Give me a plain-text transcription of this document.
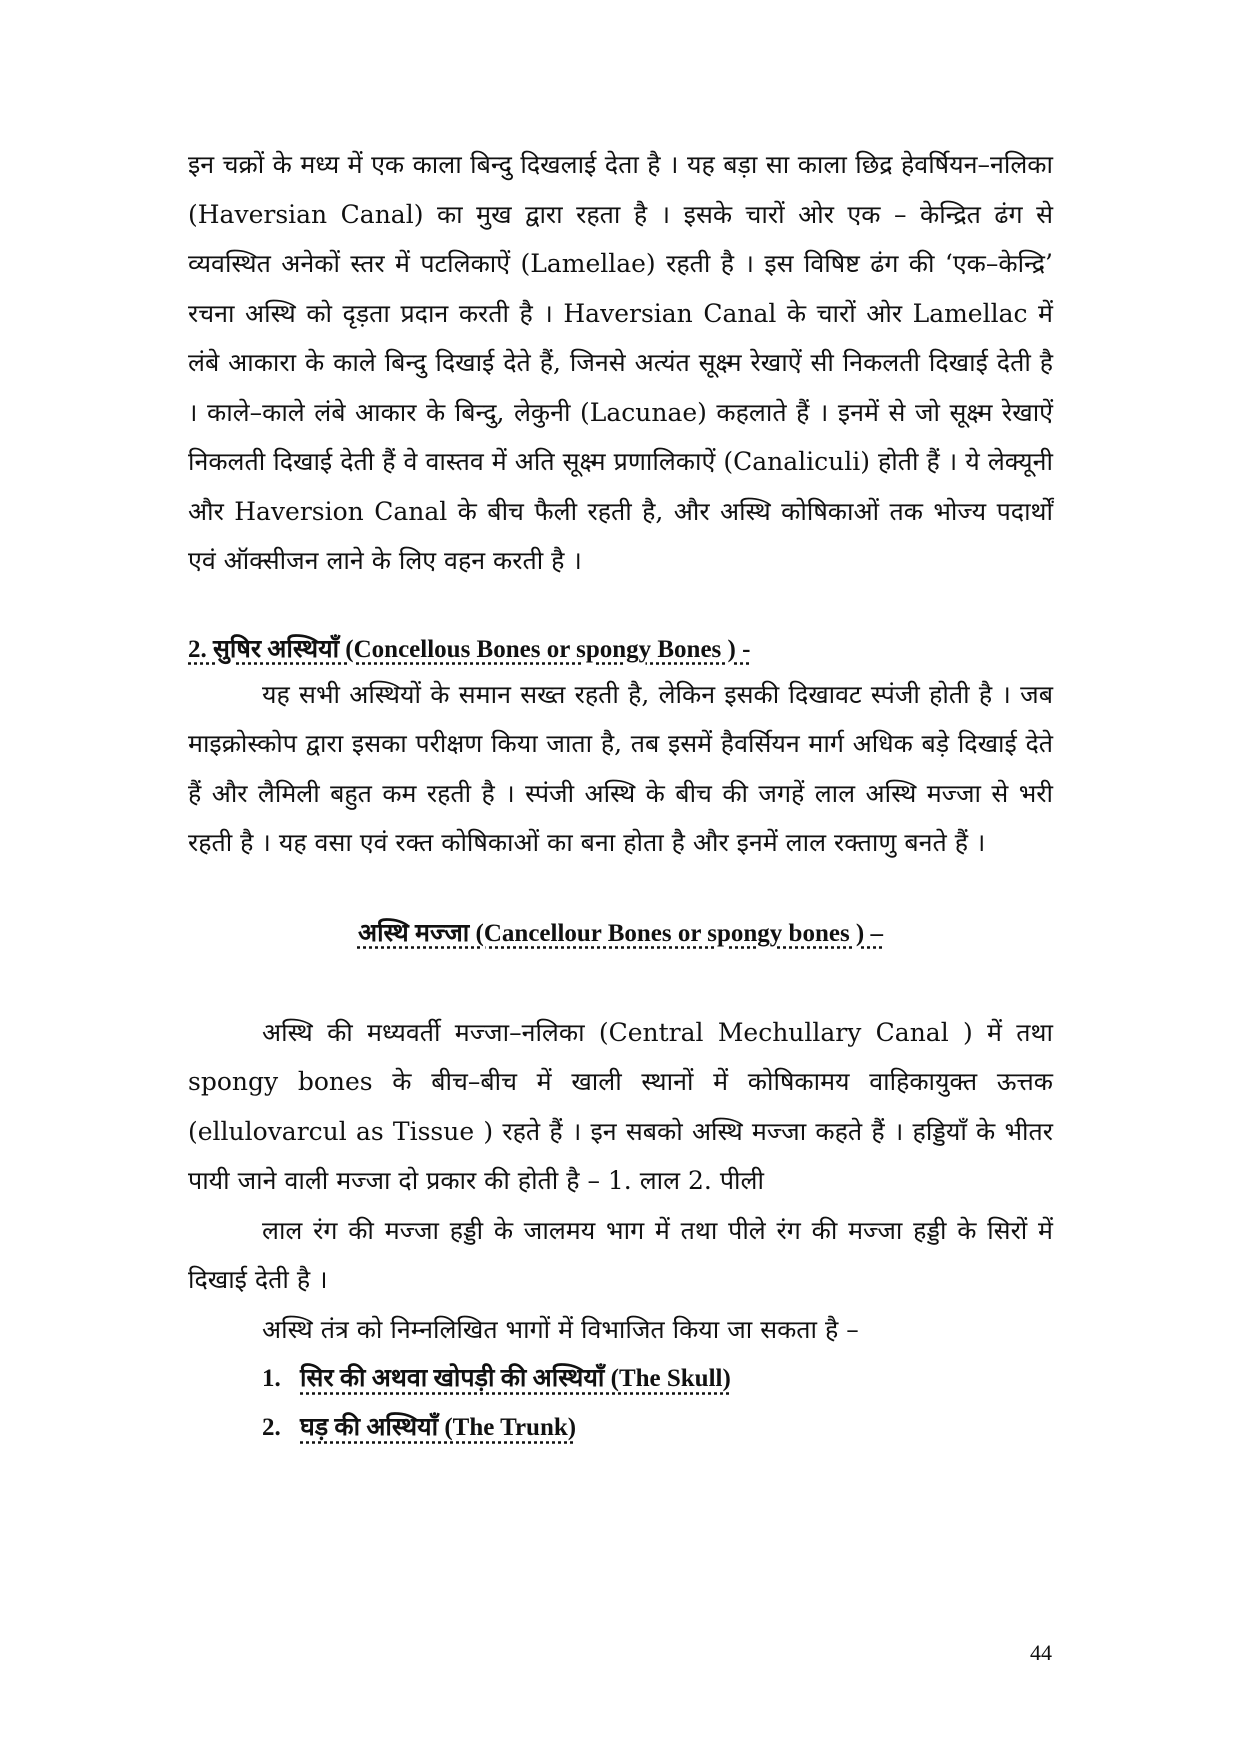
इन चक्रों के मध्य में एक काला बिन्दु दिखलाई देता है । यह बड़ा सा काला छिद्र हेवर्षियन–नलिका (Haversian Canal) का मुख द्वारा रहता है । इसके चारों ओर एक – केन्द्रित ढंग से व्यवस्थित अनेकों स्तर में पटलिकाऐं (Lamellae) रहती है । इस विषिष्ट ढंग की ‘एक–केन्द्रि’ रचना अस्थि को दृड़ता प्रदान करती है । Haversian Canal के चारों ओर Lamellac में लंबे आकारा के काले बिन्दु दिखाई देते हैं, जिनसे अत्यंत सूक्ष्म रेखाऐं सी निकलती दिखाई देती है । काले–काले लंबे आकार के बिन्दु, लेकुनी (Lacunae) कहलाते हैं । इनमें से जो सूक्ष्म रेखाऐं निकलती दिखाई देती हैं वे वास्तव में अति सूक्ष्म प्रणालिकाऐं (Canaliculi) होती हैं । ये लेक्यूनी और Haversion Canal के बीच फैली रहती है, और अस्थि कोषिकाओं तक भोज्य पदार्थों एवं ऑक्सीजन लाने के लिए वहन करती है ।

2. सुषिर अस्थियॉं (Concellous Bones or spongy Bones ) -

यह सभी अस्थियों के समान सख्त रहती है, लेकिन इसकी दिखावट स्पंजी होती है । जब माइक्रोस्कोप द्वारा इसका परीक्षण किया जाता है, तब इसमें हैवर्सियन मार्ग अधिक बड़े दिखाई देते हैं और लैमिली बहुत कम रहती है । स्पंजी अस्थि के बीच की जगहें लाल अस्थि मज्जा से भरी रहती है । यह वसा एवं रक्त कोषिकाओं का बना होता है और इनमें लाल रक्ताणु बनते हैं ।

अस्थि मज्जा (Cancellour Bones or spongy bones ) –

अस्थि की मध्यवर्ती मज्जा–नलिका (Central Mechullary Canal ) में तथा spongy bones के बीच–बीच में खाली स्थानों में कोषिकामय वाहिकायुक्त ऊत्तक (ellulovarcul as Tissue ) रहते हैं । इन सबको अस्थि मज्जा कहते हैं । हड्डियॉं के भीतर पायी जाने वाली मज्जा दो प्रकार की होती है – 1. लाल 2. पीली

लाल रंग की मज्जा हड्डी के जालमय भाग में तथा पीले रंग की मज्जा हड्डी के सिरों में दिखाई देती है ।

अस्थि तंत्र को निम्नलिखित भागों में विभाजित किया जा सकता है –

1. सिर की अथवा खोपड़ी की अस्थियॉं (The Skull)

2. घड़ की अस्थियॉं (The Trunk)

44
